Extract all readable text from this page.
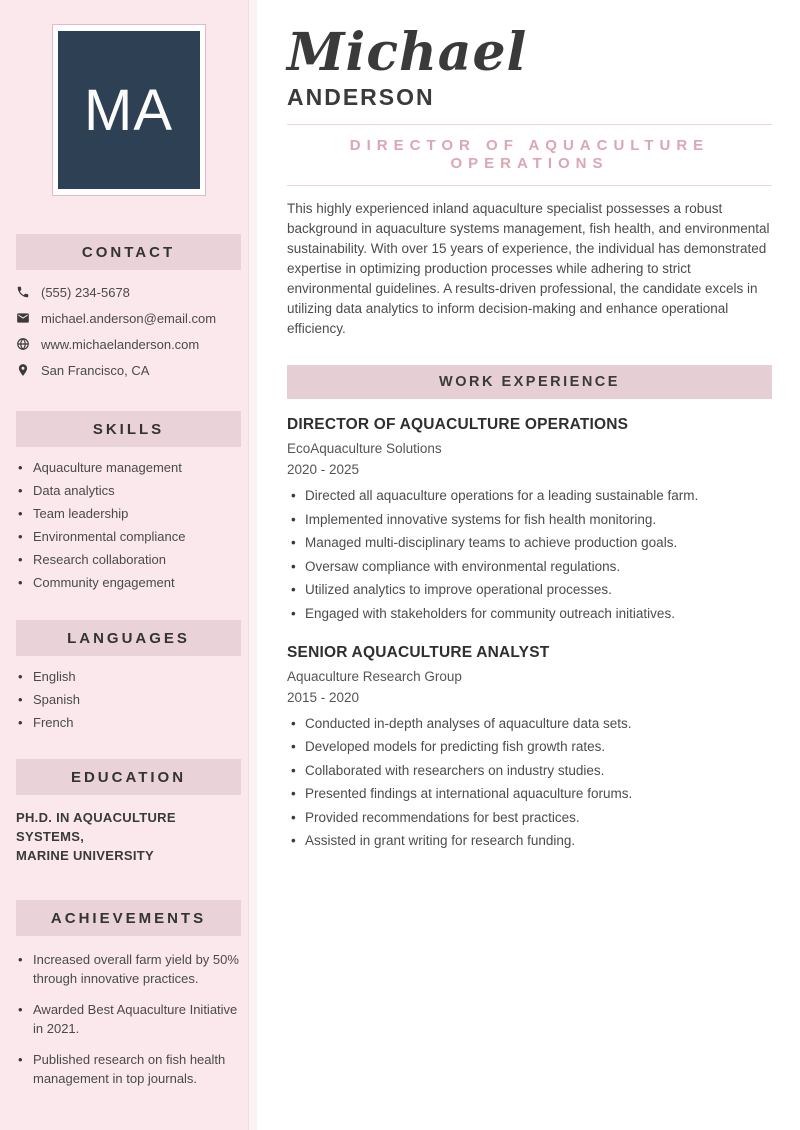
MA
CONTACT
(555) 234-5678
michael.anderson@email.com
www.michaelanderson.com
San Francisco, CA
SKILLS
• Aquaculture management
• Data analytics
• Team leadership
• Environmental compliance
• Research collaboration
• Community engagement
LANGUAGES
• English
• Spanish
• French
EDUCATION
PH.D. IN AQUACULTURE SYSTEMS,
MARINE UNIVERSITY
ACHIEVEMENTS
• Increased overall farm yield by 50% through innovative practices.
• Awarded Best Aquaculture Initiative in 2021.
• Published research on fish health management in top journals.
Michael
ANDERSON
DIRECTOR OF AQUACULTURE OPERATIONS

This highly experienced inland aquaculture specialist possesses a robust background in aquaculture systems management, fish health, and environmental sustainability. With over 15 years of experience, the individual has demonstrated expertise in optimizing production processes while adhering to strict environmental guidelines. A results-driven professional, the candidate excels in utilizing data analytics to inform decision-making and enhance operational efficiency.

WORK EXPERIENCE
DIRECTOR OF AQUACULTURE OPERATIONS
EcoAquaculture Solutions
2020 - 2025
• Directed all aquaculture operations for a leading sustainable farm.
• Implemented innovative systems for fish health monitoring.
• Managed multi-disciplinary teams to achieve production goals.
• Oversaw compliance with environmental regulations.
• Utilized analytics to improve operational processes.
• Engaged with stakeholders for community outreach initiatives.
SENIOR AQUACULTURE ANALYST
Aquaculture Research Group
2015 - 2020
• Conducted in-depth analyses of aquaculture data sets.
• Developed models for predicting fish growth rates.
• Collaborated with researchers on industry studies.
• Presented findings at international aquaculture forums.
• Provided recommendations for best practices.
• Assisted in grant writing for research funding.
